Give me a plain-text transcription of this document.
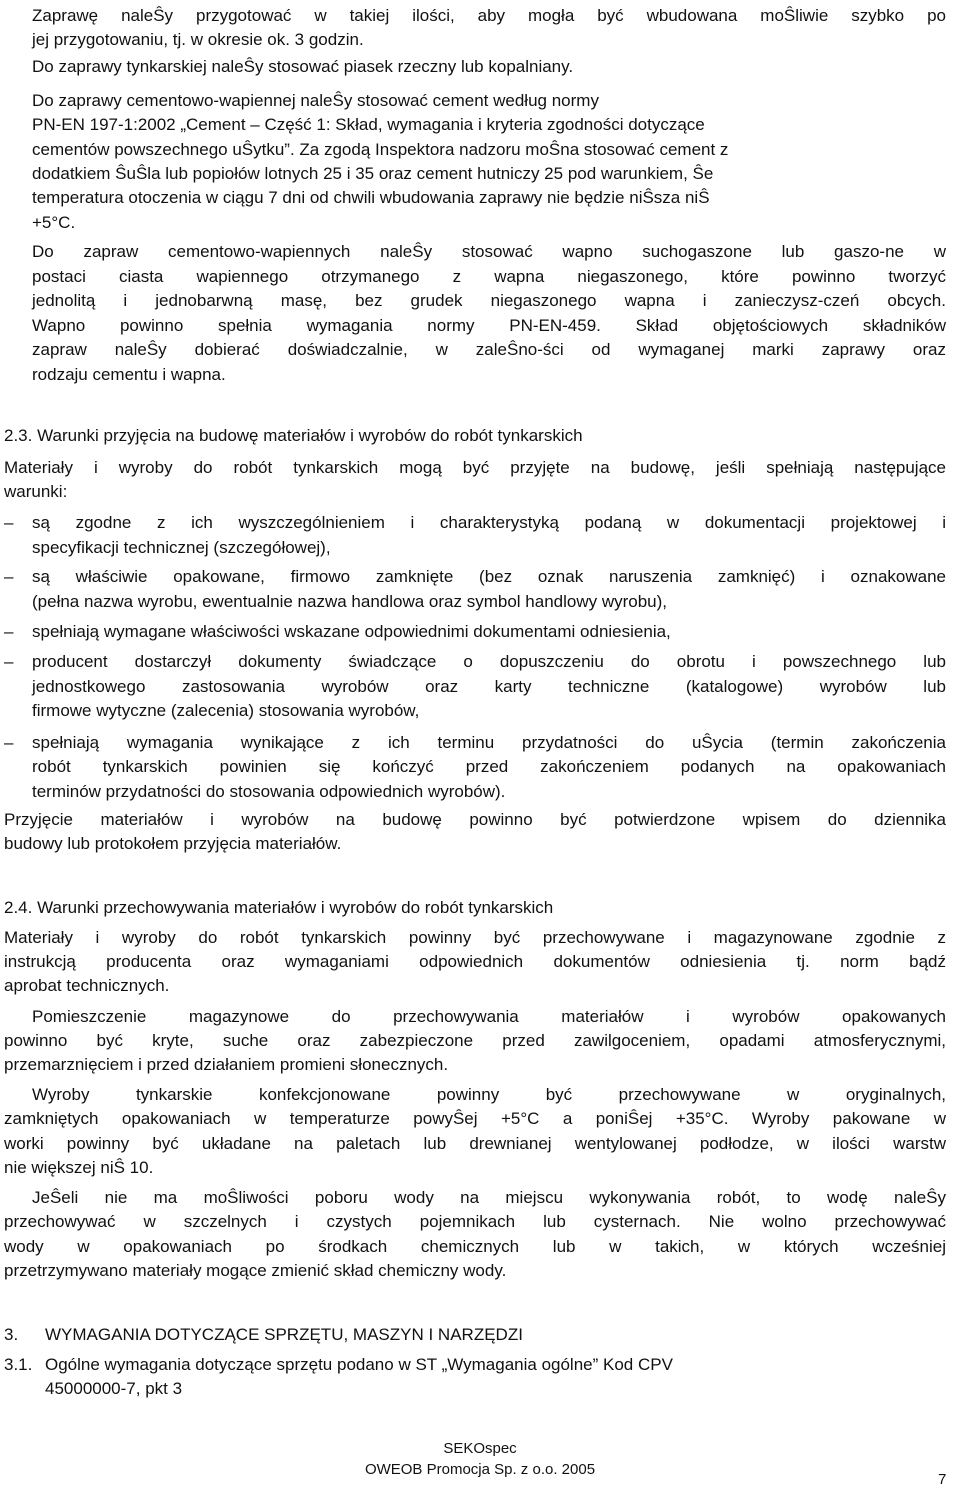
Zaprawę naleŜy przygotować w takiej ilości, aby mogła być wbudowana moŜliwie szybko po
jej przygotowaniu, tj. w okresie ok. 3 godzin.
Do zaprawy tynkarskiej naleŜy stosować piasek rzeczny lub kopalniany.
Do zaprawy cementowo-wapiennej naleŜy stosować cement według normy
PN-EN 197-1:2002 „Cement – Część 1: Skład, wymagania i kryteria zgodności dotyczące
cementów powszechnego uŜytku”. Za zgodą Inspektora nadzoru moŜna stosować cement z
dodatkiem ŜuŜla lub popiołów lotnych 25 i 35 oraz cement hutniczy 25 pod warunkiem, Ŝe
temperatura otoczenia w ciągu 7 dni od chwili wbudowania zaprawy nie będzie niŜsza niŜ
+5°C.
Do zapraw cementowo-wapiennych naleŜy stosować wapno suchogaszone lub gaszo-ne w
postaci ciasta wapiennego otrzymanego z wapna niegaszonego, które powinno tworzyć
jednolitą i jednobarwną masę, bez grudek niegaszonego wapna i zanieczysz-czeń obcych.
Wapno powinno spełnia wymagania normy PN-EN-459. Skład objętościowych składników
zapraw naleŜy dobierać doświadczalnie, w zaleŜno-ści od wymaganej marki zaprawy oraz
rodzaju cementu i wapna.
2.3. Warunki przyjęcia na budowę materiałów i wyrobów do robót tynkarskich
Materiały i wyroby do robót tynkarskich mogą być przyjęte na budowę, jeśli spełniają następujące
warunki:
– są zgodne z ich wyszczególnieniem i charakterystyką podaną w dokumentacji projektowej i
specyfikacji technicznej (szczegółowej),
– są właściwie opakowane, firmowo zamknięte (bez oznak naruszenia zamknięć) i oznakowane
(pełna nazwa wyrobu, ewentualnie nazwa handlowa oraz symbol handlowy wyrobu),
– spełniają wymagane właściwości wskazane odpowiednimi dokumentami odniesienia,
– producent dostarczył dokumenty świadczące o dopuszczeniu do obrotu i powszechnego lub
jednostkowego zastosowania wyrobów oraz karty techniczne (katalogowe) wyrobów lub
firmowe wytyczne (zalecenia) stosowania wyrobów,
– spełniają wymagania wynikające z ich terminu przydatności do uŜycia (termin zakończenia
robót tynkarskich powinien się kończyć przed zakończeniem podanych na opakowaniach
terminów przydatności do stosowania odpowiednich wyrobów).
Przyjęcie materiałów i wyrobów na budowę powinno być potwierdzone wpisem do dziennika
budowy lub protokołem przyjęcia materiałów.
2.4. Warunki przechowywania materiałów i wyrobów do robót tynkarskich
Materiały i wyroby do robót tynkarskich powinny być przechowywane i magazynowane zgodnie z
instrukcją producenta oraz wymaganiami odpowiednich dokumentów odniesienia tj. norm bądź
aprobat technicznych.
Pomieszczenie magazynowe do przechowywania materiałów i wyrobów opakowanych
powinno być kryte, suche oraz zabezpieczone przed zawilgoceniem, opadami atmosferycznymi,
przemarznięciem i przed działaniem promieni słonecznych.
Wyroby tynkarskie konfekcjonowane powinny być przechowywane w oryginalnych,
zamkniętych opakowaniach w temperaturze powyŜej +5°C a poniŜej +35°C. Wyroby pakowane w
worki powinny być układane na paletach lub drewnianej wentylowanej podłodze, w ilości warstw
nie większej niŜ 10.
JeŜeli nie ma moŜliwości poboru wody na miejscu wykonywania robót, to wodę naleŜy
przechowywać w szczelnych i czystych pojemnikach lub cysternach. Nie wolno przechowywać
wody w opakowaniach po środkach chemicznych lub w takich, w których wcześniej
przetrzymywano materiały mogące zmienić skład chemiczny wody.
3. WYMAGANIA DOTYCZĄCE SPRZĘTU, MASZYN I NARZĘDZI
3.1. Ogólne wymagania dotyczące sprzętu podano w ST „Wymagania ogólne” Kod CPV
45000000-7, pkt 3
SEKOspec
OWEOB Promocja Sp. z o.o. 2005
7
